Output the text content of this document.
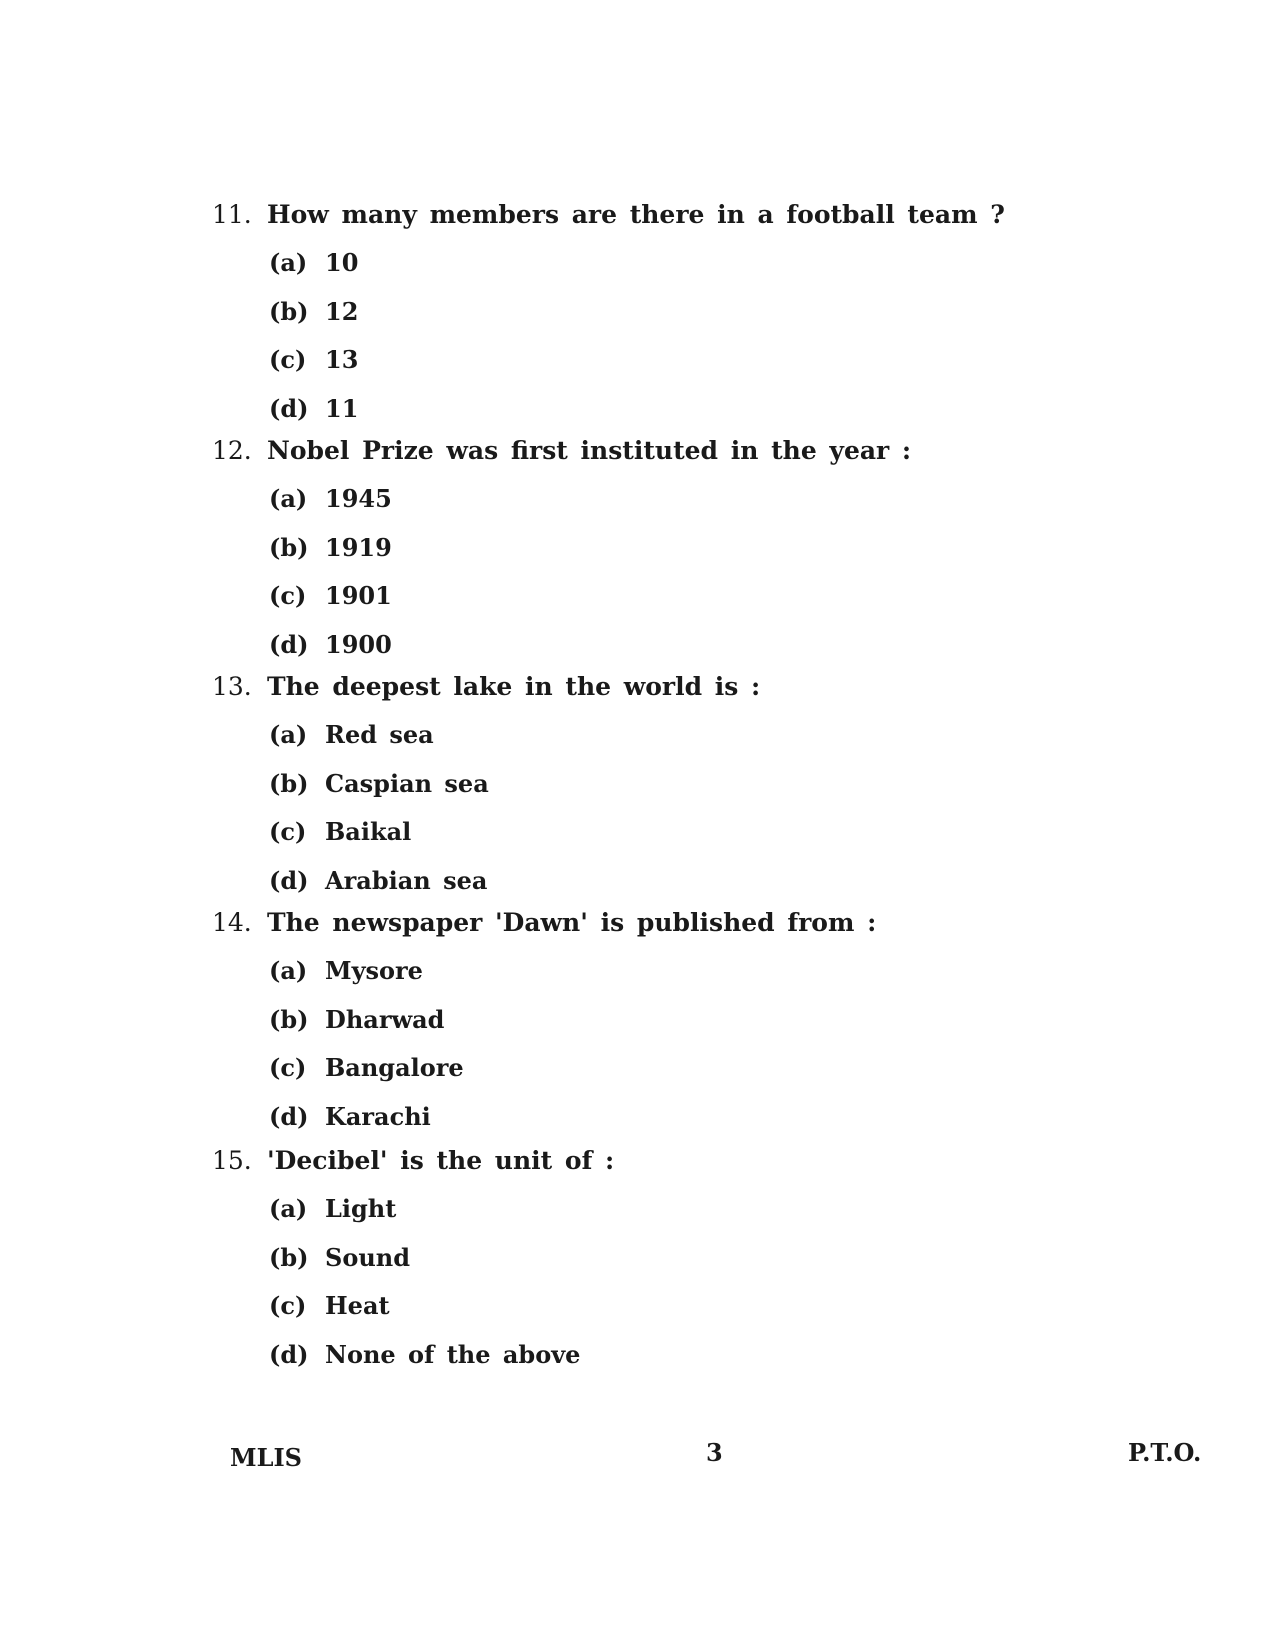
11. How many members are there in a football team ?
(a) 10
(b) 12
(c) 13
(d) 11
12. Nobel Prize was first instituted in the year :
(a) 1945
(b) 1919
(c) 1901
(d) 1900
13. The deepest lake in the world is :
(a) Red sea
(b) Caspian sea
(c) Baikal
(d) Arabian sea
14. The newspaper 'Dawn' is published from :
(a) Mysore
(b) Dharwad
(c) Bangalore
(d) Karachi
15. 'Decibel' is the unit of :
(a) Light
(b) Sound
(c) Heat
(d) None of the above
MLIS	3	P.T.O.
